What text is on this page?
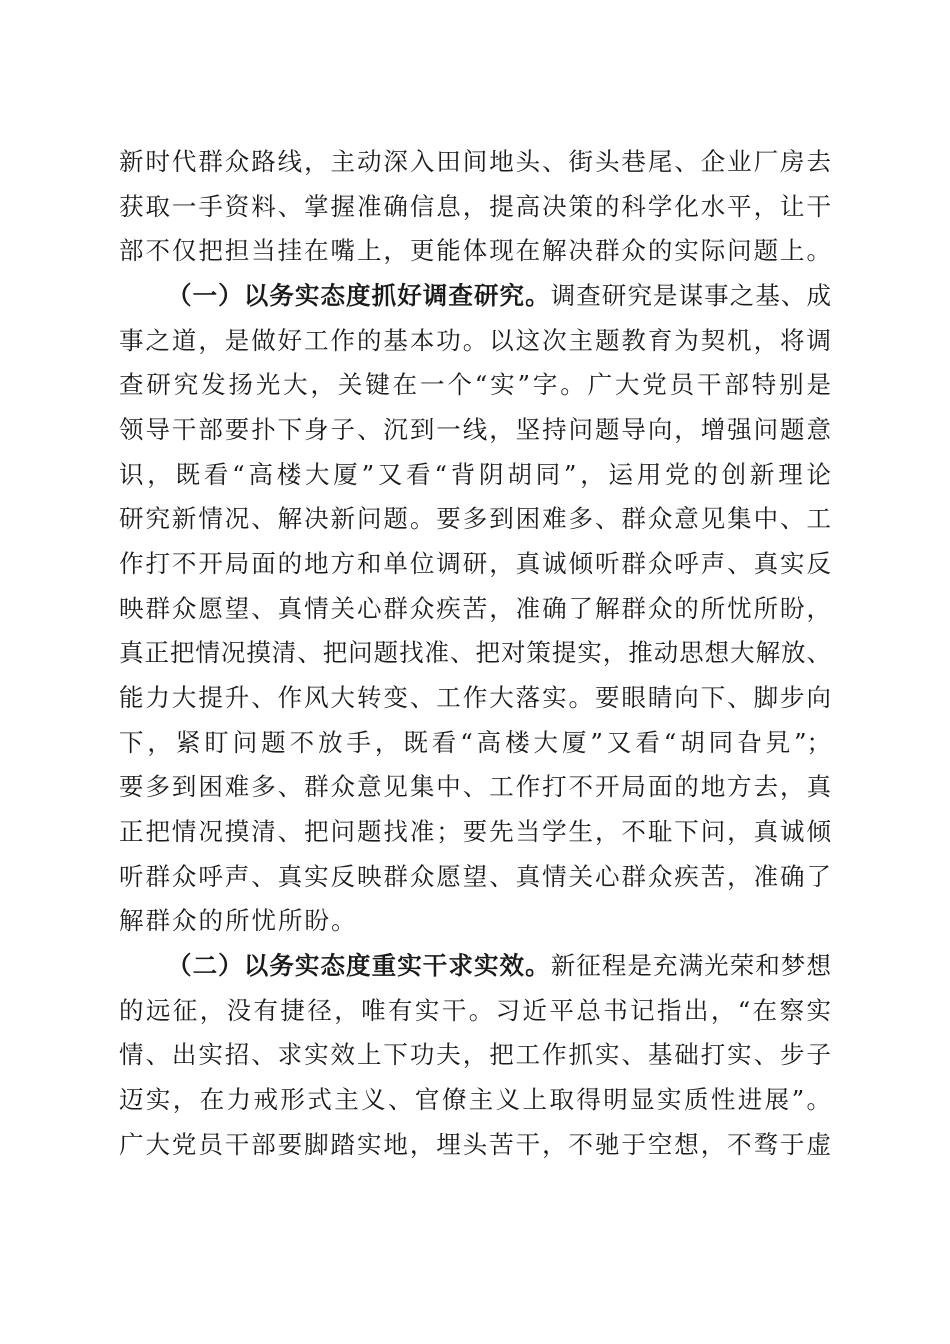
新时代群众路线，主动深入田间地头、街头巷尾、企业厂房去
获取一手资料、掌握准确信息，提高决策的科学化水平，让干
部不仅把担当挂在嘴上，更能体现在解决群众的实际问题上。
（一）以务实态度抓好调查研究。调查研究是谋事之基、成
事之道，是做好工作的基本功。以这次主题教育为契机，将调
查研究发扬光大，关键在一个“实”字。广大党员干部特别是
领导干部要扑下身子、沉到一线，坚持问题导向，增强问题意
识，既看“高楼大厦”又看“背阴胡同”，运用党的创新理论
研究新情况、解决新问题。要多到困难多、群众意见集中、工
作打不开局面的地方和单位调研，真诚倾听群众呼声、真实反
映群众愿望、真情关心群众疾苦，准确了解群众的所忧所盼，
真正把情况摸清、把问题找准、把对策提实，推动思想大解放、
能力大提升、作风大转变、工作大落实。要眼睛向下、脚步向
下，紧盯问题不放手，既看“高楼大厦”又看“胡同旮旯”；
要多到困难多、群众意见集中、工作打不开局面的地方去，真
正把情况摸清、把问题找准；要先当学生，不耻下问，真诚倾
听群众呼声、真实反映群众愿望、真情关心群众疾苦，准确了
解群众的所忧所盼。
（二）以务实态度重实干求实效。新征程是充满光荣和梦想
的远征，没有捷径，唯有实干。习近平总书记指出，“在察实
情、出实招、求实效上下功夫，把工作抓实、基础打实、步子
迈实，在力戒形式主义、官僚主义上取得明显实质性进展”。
广大党员干部要脚踏实地，埋头苦干，不驰于空想，不骛于虚
